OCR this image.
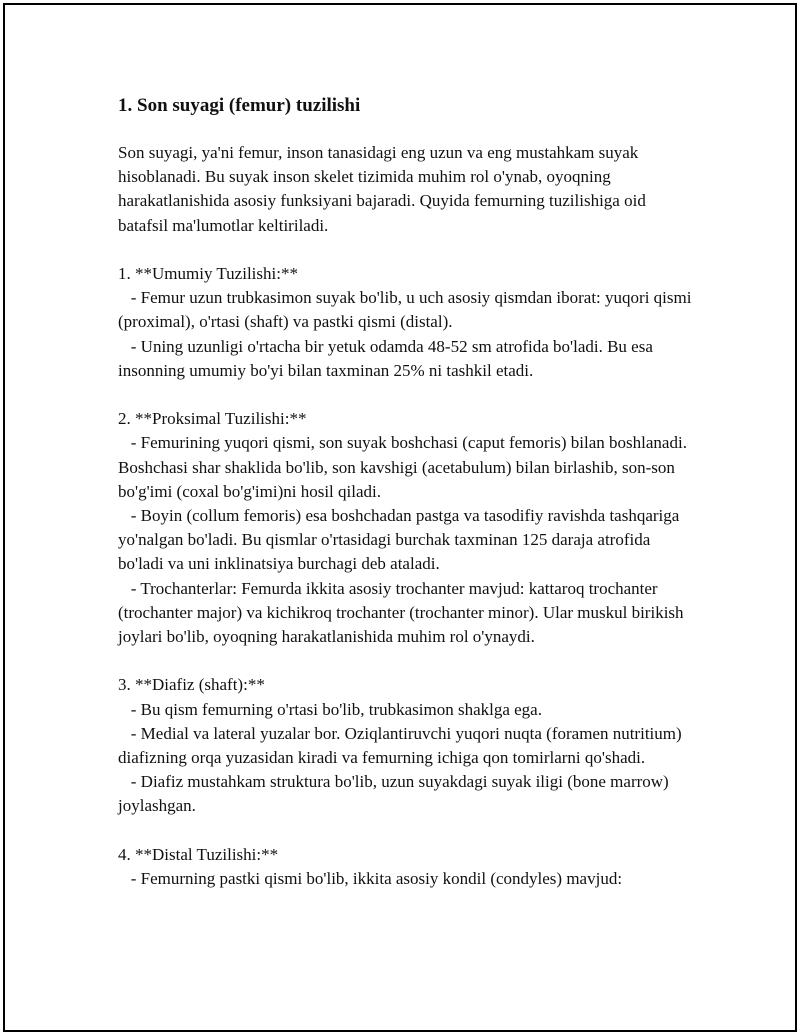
1. Son suyagi (femur) tuzilishi

Son suyagi, ya'ni femur, inson tanasidagi eng uzun va eng mustahkam suyak hisoblanadi. Bu suyak inson skelet tizimida muhim rol o'ynab, oyoqning harakatlanishida asosiy funksiyani bajaradi. Quyida femurning tuzilishiga oid batafsil ma'lumotlar keltiriladi.

1. **Umumiy Tuzilishi:**

- Femur uzun trubkasimon suyak bo'lib, u uch asosiy qismdan iborat: yuqori qismi (proximal), o'rtasi (shaft) va pastki qismi (distal).

- Uning uzunligi o'rtacha bir yetuk odamda 48-52 sm atrofida bo'ladi. Bu esa insonning umumiy bo'yi bilan taxminan 25% ni tashkil etadi.

2. **Proksimal Tuzilishi:**

- Femurining yuqori qismi, son suyak boshchasi (caput femoris) bilan boshlanadi. Boshchasi shar shaklida bo'lib, son kavshigi (acetabulum) bilan birlashib, son-son bo'g'imi (coxal bo'g'imi)ni hosil qiladi.

- Boyin (collum femoris) esa boshchadan pastga va tasodifiy ravishda tashqariga yo'nalgan bo'ladi. Bu qismlar o'rtasidagi burchak taxminan 125 daraja atrofida bo'ladi va uni inklinatsiya burchagi deb ataladi.

- Trochanterlar: Femurda ikkita asosiy trochanter mavjud: kattaroq trochanter (trochanter major) va kichikroq trochanter (trochanter minor). Ular muskul birikish joylari bo'lib, oyoqning harakatlanishida muhim rol o'ynaydi.

3. **Diafiz (shaft):**

- Bu qism femurning o'rtasi bo'lib, trubkasimon shaklga ega.

- Medial va lateral yuzalar bor. Oziqlantiruvchi yuqori nuqta (foramen nutritium) diafizning orqa yuzasidan kiradi va femurning ichiga qon tomirlarni qo'shadi.

- Diafiz mustahkam struktura bo'lib, uzun suyakdagi suyak iligi (bone marrow) joylashgan.

4. **Distal Tuzilishi:**

- Femurning pastki qismi bo'lib, ikkita asosiy kondil (condyles) mavjud:
